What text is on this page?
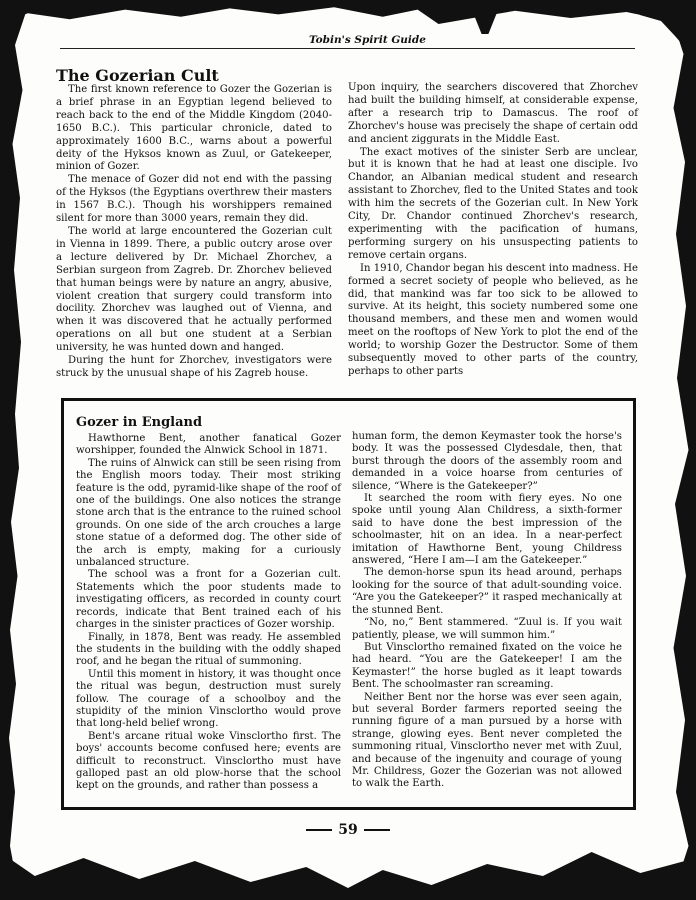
Tobin's Spirit Guide
The Gozerian Cult

The first known reference to Gozer the Gozerian is a brief phrase in an Egyptian legend believed to reach back to the end of the Middle Kingdom (2040-1650 B.C.). This particular chronicle, dated to approximately 1600 B.C., warns about a powerful deity of the Hyksos known as Zuul, or Gatekeeper, minion of Gozer.

The menace of Gozer did not end with the passing of the Hyksos (the Egyptians overthrew their masters in 1567 B.C.). Though his worshippers remained silent for more than 3000 years, remain they did.

The world at large encountered the Gozerian cult in Vienna in 1899. There, a public outcry arose over a lecture delivered by Dr. Michael Zhorchev, a Serbian surgeon from Zagreb. Dr. Zhorchev believed that human beings were by nature an angry, abusive, violent creation that surgery could transform into docility. Zhorchev was laughed out of Vienna, and when it was discovered that he actually performed operations on all but one student at a Serbian university, he was hunted down and hanged.

During the hunt for Zhorchev, investigators were struck by the unusual shape of his Zagreb house.

Upon inquiry, the searchers discovered that Zhorchev had built the building himself, at considerable expense, after a research trip to Damascus. The roof of Zhorchev's house was precisely the shape of certain odd and ancient ziggurats in the Middle East.

The exact motives of the sinister Serb are unclear, but it is known that he had at least one disciple. Ivo Chandor, an Albanian medical student and research assistant to Zhorchev, fled to the United States and took with him the secrets of the Gozerian cult. In New York City, Dr. Chandor continued Zhorchev's research, experimenting with the pacification of humans, performing surgery on his unsuspecting patients to remove certain organs.

In 1910, Chandor began his descent into madness. He formed a secret society of people who believed, as he did, that mankind was far too sick to be allowed to survive. At its height, this society numbered some one thousand members, and these men and women would meet on the rooftops of New York to plot the end of the world; to worship Gozer the Destructor. Some of them subsequently moved to other parts of the country, perhaps to other parts

Gozer in England

Hawthorne Bent, another fanatical Gozer worshipper, founded the Alnwick School in 1871.

The ruins of Alnwick can still be seen rising from the English moors today. Their most striking feature is the odd, pyramid-like shape of the roof of one of the buildings. One also notices the strange stone arch that is the entrance to the ruined school grounds. On one side of the arch crouches a large stone statue of a deformed dog. The other side of the arch is empty, making for a curiously unbalanced structure.

The school was a front for a Gozerian cult. Statements which the poor students made to investigating officers, as recorded in county court records, indicate that Bent trained each of his charges in the sinister practices of Gozer worship.

Finally, in 1878, Bent was ready. He assembled the students in the building with the oddly shaped roof, and he began the ritual of summoning.

Until this moment in history, it was thought once the ritual was begun, destruction must surely follow. The courage of a schoolboy and the stupidity of the minion Vinsclortho would prove that long-held belief wrong.

Bent's arcane ritual woke Vinsclortho first. The boys' accounts become confused here; events are difficult to reconstruct. Vinsclortho must have galloped past an old plow-horse that the school kept on the grounds, and rather than possess a

human form, the demon Keymaster took the horse's body. It was the possessed Clydesdale, then, that burst through the doors of the assembly room and demanded in a voice hoarse from centuries of silence, “Where is the Gatekeeper?”

It searched the room with fiery eyes. No one spoke until young Alan Childress, a sixth-former said to have done the best impression of the schoolmaster, hit on an idea. In a near-perfect imitation of Hawthorne Bent, young Childress answered, “Here I am—I am the Gatekeeper.”

The demon-horse spun its head around, perhaps looking for the source of that adult-sounding voice. “Are you the Gatekeeper?” it rasped mechanically at the stunned Bent.

“No, no,” Bent stammered. “Zuul is. If you wait patiently, please, we will summon him.”

But Vinsclortho remained fixated on the voice he had heard. “You are the Gatekeeper! I am the Keymaster!” the horse bugled as it leapt towards Bent. The schoolmaster ran screaming.

Neither Bent nor the horse was ever seen again, but several Border farmers reported seeing the running figure of a man pursued by a horse with strange, glowing eyes. Bent never completed the summoning ritual, Vinsclortho never met with Zuul, and because of the ingenuity and courage of young Mr. Childress, Gozer the Gozerian was not allowed to walk the Earth.

59
